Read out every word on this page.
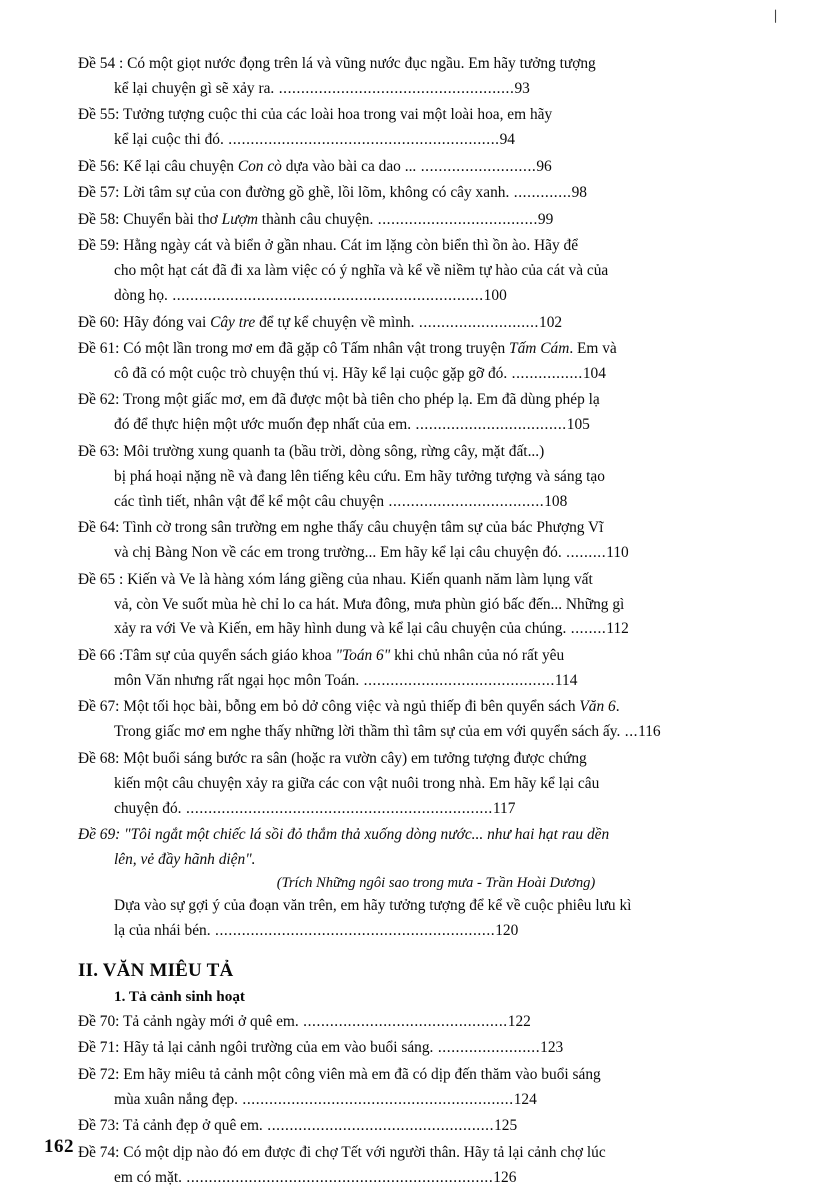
▕
Đề 54 : Có một giọt nước đọng trên lá và vũng nước đục ngầu. Em hãy tưởng tượng
kể lại chuyện gì sẽ xảy ra. .....................................................93
Đề 55: Tưởng tượng cuộc thi của các loài hoa trong vai một loài hoa, em hãy
kể lại cuộc thi đó. .............................................................94
Đề 56: Kể lại câu chuyện Con cò dựa vào bài ca dao ... ..........................96
Đề 57: Lời tâm sự của con đường gồ ghề, lồi lõm, không có cây xanh. .............98
Đề 58: Chuyển bài thơ Lượm thành câu chuyện. ....................................99
Đề 59: Hằng ngày cát và biển ở gần nhau. Cát im lặng còn biển thì ồn ào. Hãy để
cho một hạt cát đã đi xa làm việc có ý nghĩa và kể về niềm tự hào của cát và của
dòng họ. ......................................................................100
Đề 60: Hãy đóng vai Cây tre để tự kể chuyện về mình. ...........................102
Đề 61: Có một lần trong mơ em đã gặp cô Tấm nhân vật trong truyện Tấm Cám. Em và
cô đã có một cuộc trò chuyện thú vị. Hãy kể lại cuộc gặp gỡ đó. ................104
Đề 62: Trong một giấc mơ, em đã được một bà tiên cho phép lạ. Em đã dùng phép lạ
đó để thực hiện một ước muốn đẹp nhất của em. ..................................105
Đề 63: Môi trường xung quanh ta (bầu trời, dòng sông, rừng cây, mặt đất...)
bị phá hoại nặng nề và đang lên tiếng kêu cứu. Em hãy tưởng tượng và sáng tạo
các tình tiết, nhân vật để kể một câu chuyện ...................................108
Đề 64: Tình cờ trong sân trường em nghe thấy câu chuyện tâm sự của bác Phượng Vĩ
và chị Bàng Non về các em trong trường... Em hãy kể lại câu chuyện đó. .........110
Đề 65 : Kiến và Ve là hàng xóm láng giềng của nhau. Kiến quanh năm làm lụng vất
vả, còn Ve suốt mùa hè chỉ lo ca hát. Mưa đông, mưa phùn gió bấc đến... Những gì
xảy ra với Ve và Kiến, em hãy hình dung và kể lại câu chuyện của chúng. ........112
Đề 66 :Tâm sự của quyển sách giáo khoa "Toán 6" khi chủ nhân của nó rất yêu
môn Văn nhưng rất ngại học môn Toán. ...........................................114
Đề 67: Một tối học bài, bỗng em bỏ dở công việc và ngủ thiếp đi bên quyển sách Văn 6.
Trong giấc mơ em nghe thấy những lời thầm thì tâm sự của em với quyển sách ấy. ...116
Đề 68: Một buổi sáng bước ra sân (hoặc ra vườn cây) em tưởng tượng được chứng
kiến một câu chuyện xảy ra giữa các con vật nuôi trong nhà. Em hãy kể lại câu
chuyện đó. .....................................................................117
Đề 69: "Tôi ngắt một chiếc lá sồi đỏ thắm thả xuống dòng nước... như hai hạt rau dền
lên, vẻ đầy hãnh diện".
(Trích Những ngôi sao trong mưa - Trần Hoài Dương)
Dựa vào sự gợi ý của đoạn văn trên, em hãy tưởng tượng để kể về cuộc phiêu lưu kì
lạ của nhái bén. ...............................................................120
II. VĂN MIÊU TẢ
1. Tả cảnh sinh hoạt
Đề 70: Tả cảnh ngày mới ở quê em. ..............................................122
Đề 71: Hãy tả lại cảnh ngôi trường của em vào buổi sáng. .......................123
Đề 72: Em hãy miêu tả cảnh một công viên mà em đã có dịp đến thăm vào buổi sáng
mùa xuân nắng đẹp. .............................................................124
Đề 73: Tả cảnh đẹp ở quê em. ...................................................125
Đề 74: Có một dịp nào đó em được đi chợ Tết với người thân. Hãy tả lại cảnh chợ lúc
em có mặt. .....................................................................126
162
